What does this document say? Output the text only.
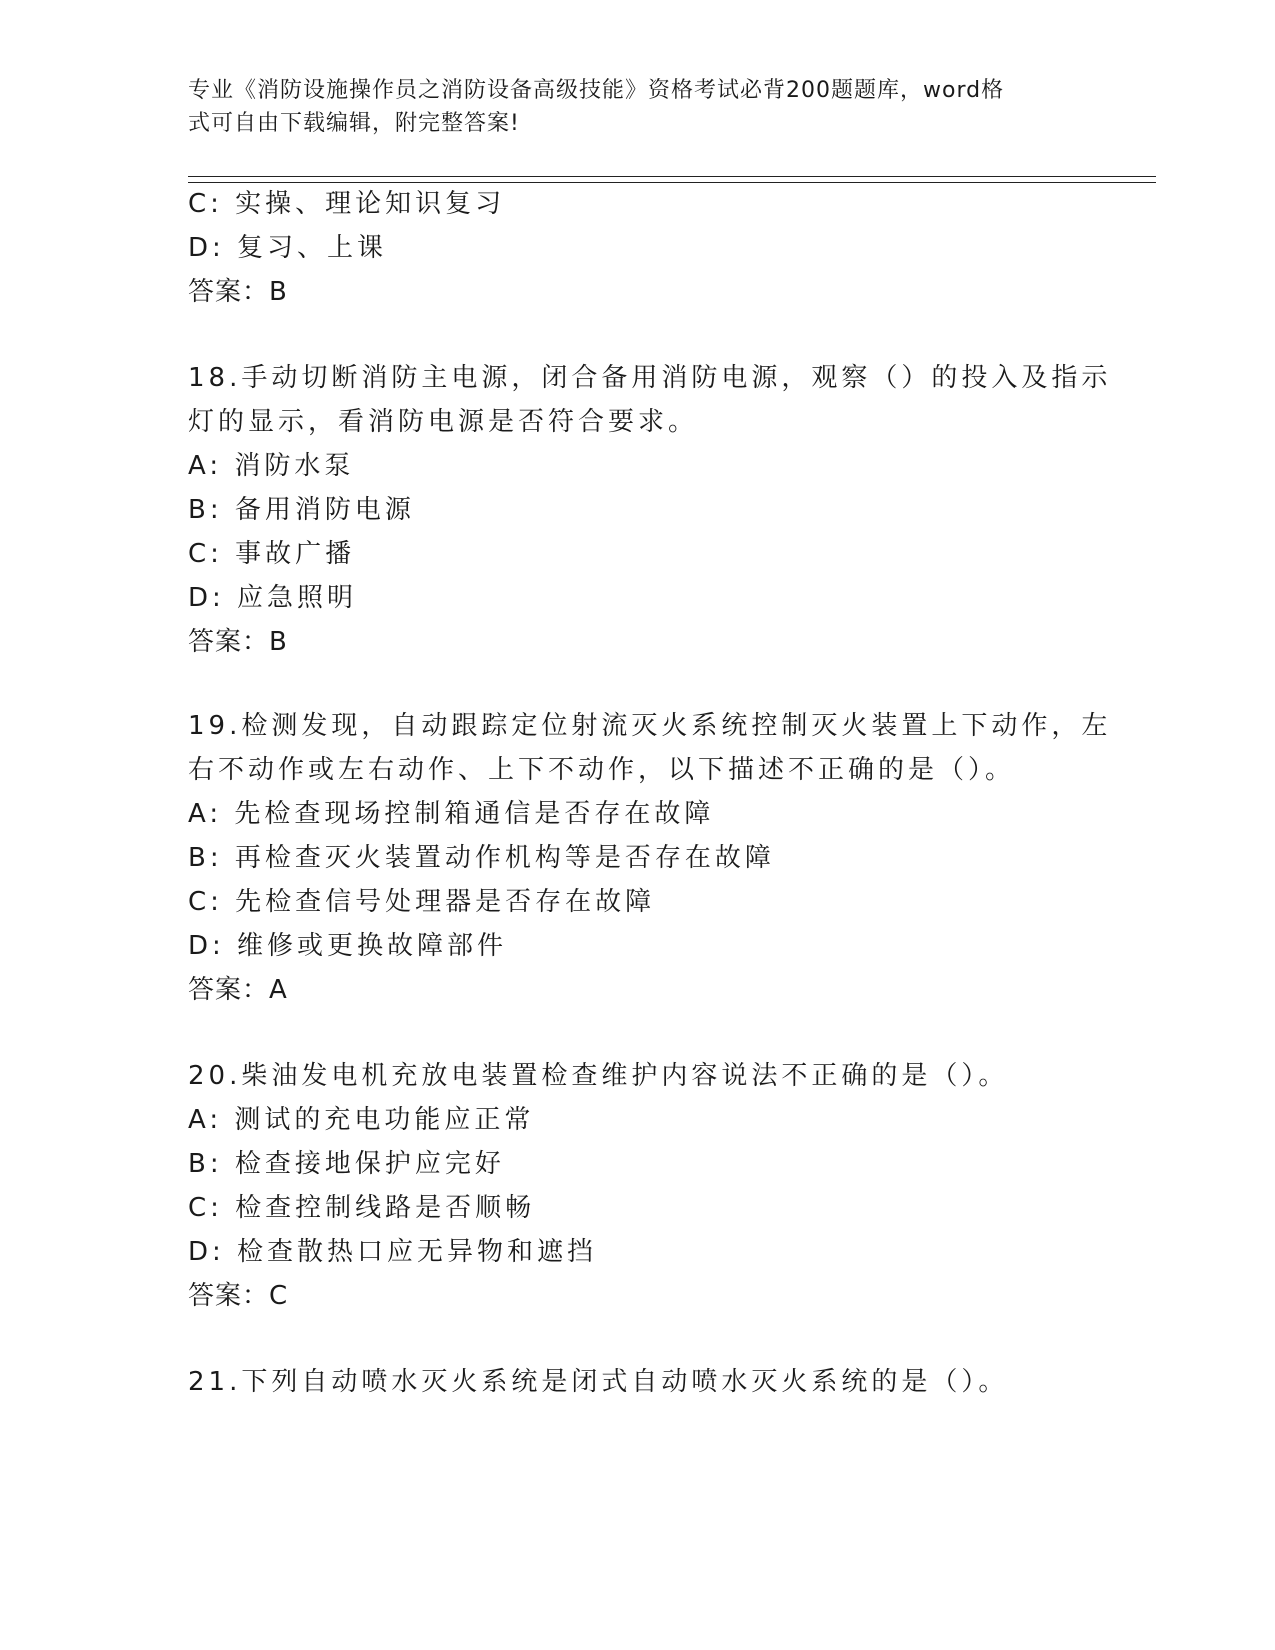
专业《消防设施操作员之消防设备高级技能》资格考试必背200题题库，word格
式可自由下载编辑，附完整答案!
C: 实操、理论知识复习
D: 复习、上课
答案：B
18.手动切断消防主电源，闭合备用消防电源，观察（）的投入及指示
灯的显示，看消防电源是否符合要求。
A: 消防水泵
B: 备用消防电源
C: 事故广播
D: 应急照明
答案：B
19.检测发现，自动跟踪定位射流灭火系统控制灭火装置上下动作，左
右不动作或左右动作、上下不动作，以下描述不正确的是（）。
A: 先检查现场控制箱通信是否存在故障
B: 再检查灭火装置动作机构等是否存在故障
C: 先检查信号处理器是否存在故障
D: 维修或更换故障部件
答案：A
20.柴油发电机充放电装置检查维护内容说法不正确的是（）。
A: 测试的充电功能应正常
B: 检查接地保护应完好
C: 检查控制线路是否顺畅
D: 检查散热口应无异物和遮挡
答案：C
21.下列自动喷水灭火系统是闭式自动喷水灭火系统的是（）。
